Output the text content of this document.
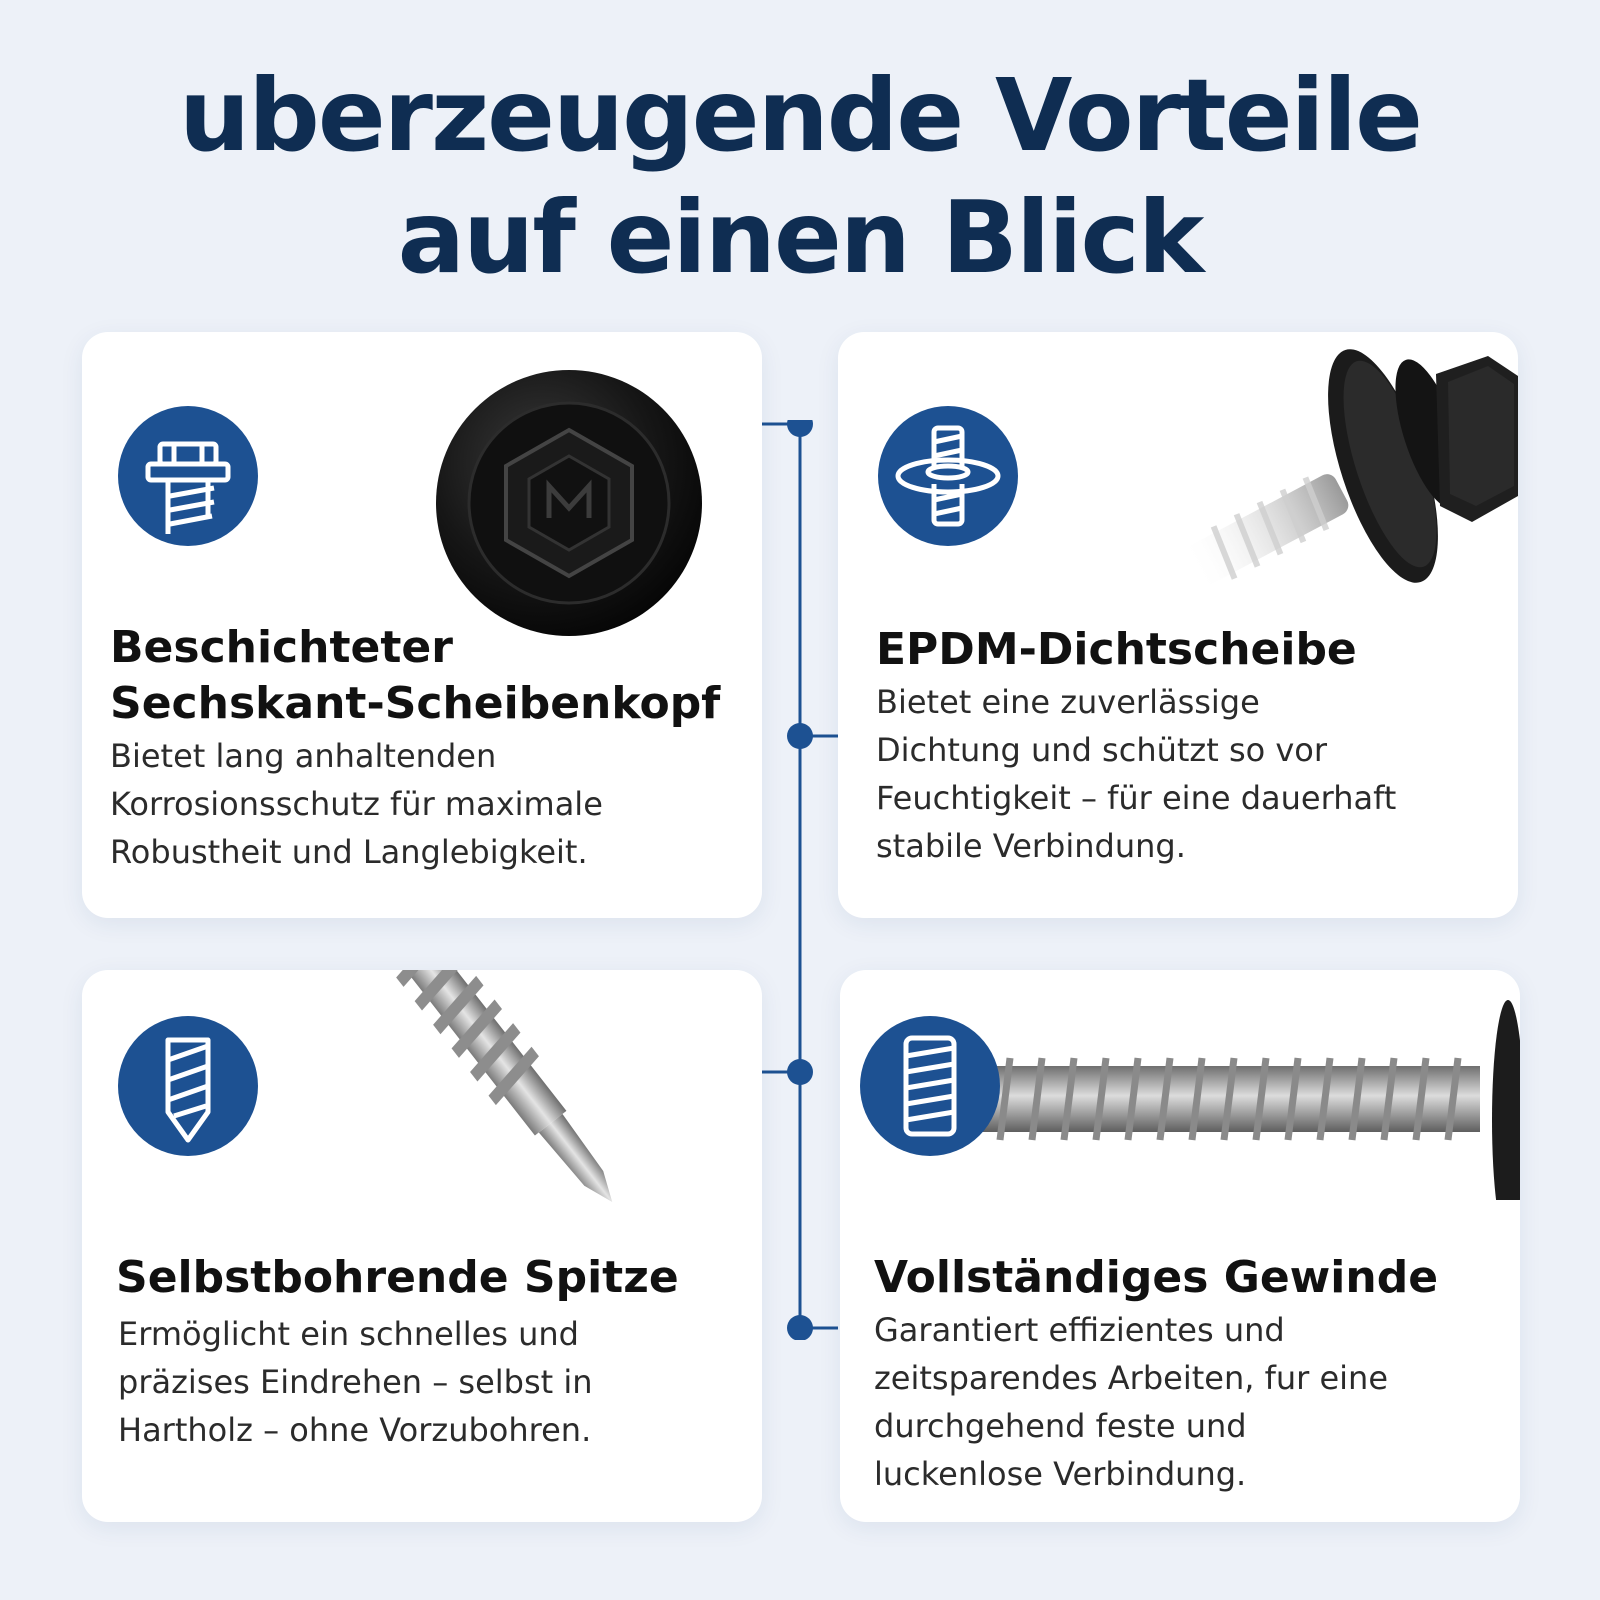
uberzeugende Vorteile
auf einen Blick
Beschichteter
Sechskant-Scheibenkopf
Bietet lang anhaltenden
Korrosionsschutz für maximale
Robustheit und Langlebigkeit.
EPDM-Dichtscheibe
Bietet eine zuverlässige
Dichtung und schützt so vor
Feuchtigkeit – für eine dauerhaft
stabile Verbindung.
Selbstbohrende Spitze
Ermöglicht ein schnelles und
präzises Eindrehen – selbst in
Hartholz – ohne Vorzubohren.
Vollständiges Gewinde
Garantiert effizientes und
zeitsparendes Arbeiten, fur eine
durchgehend feste und
luckenlose Verbindung.
